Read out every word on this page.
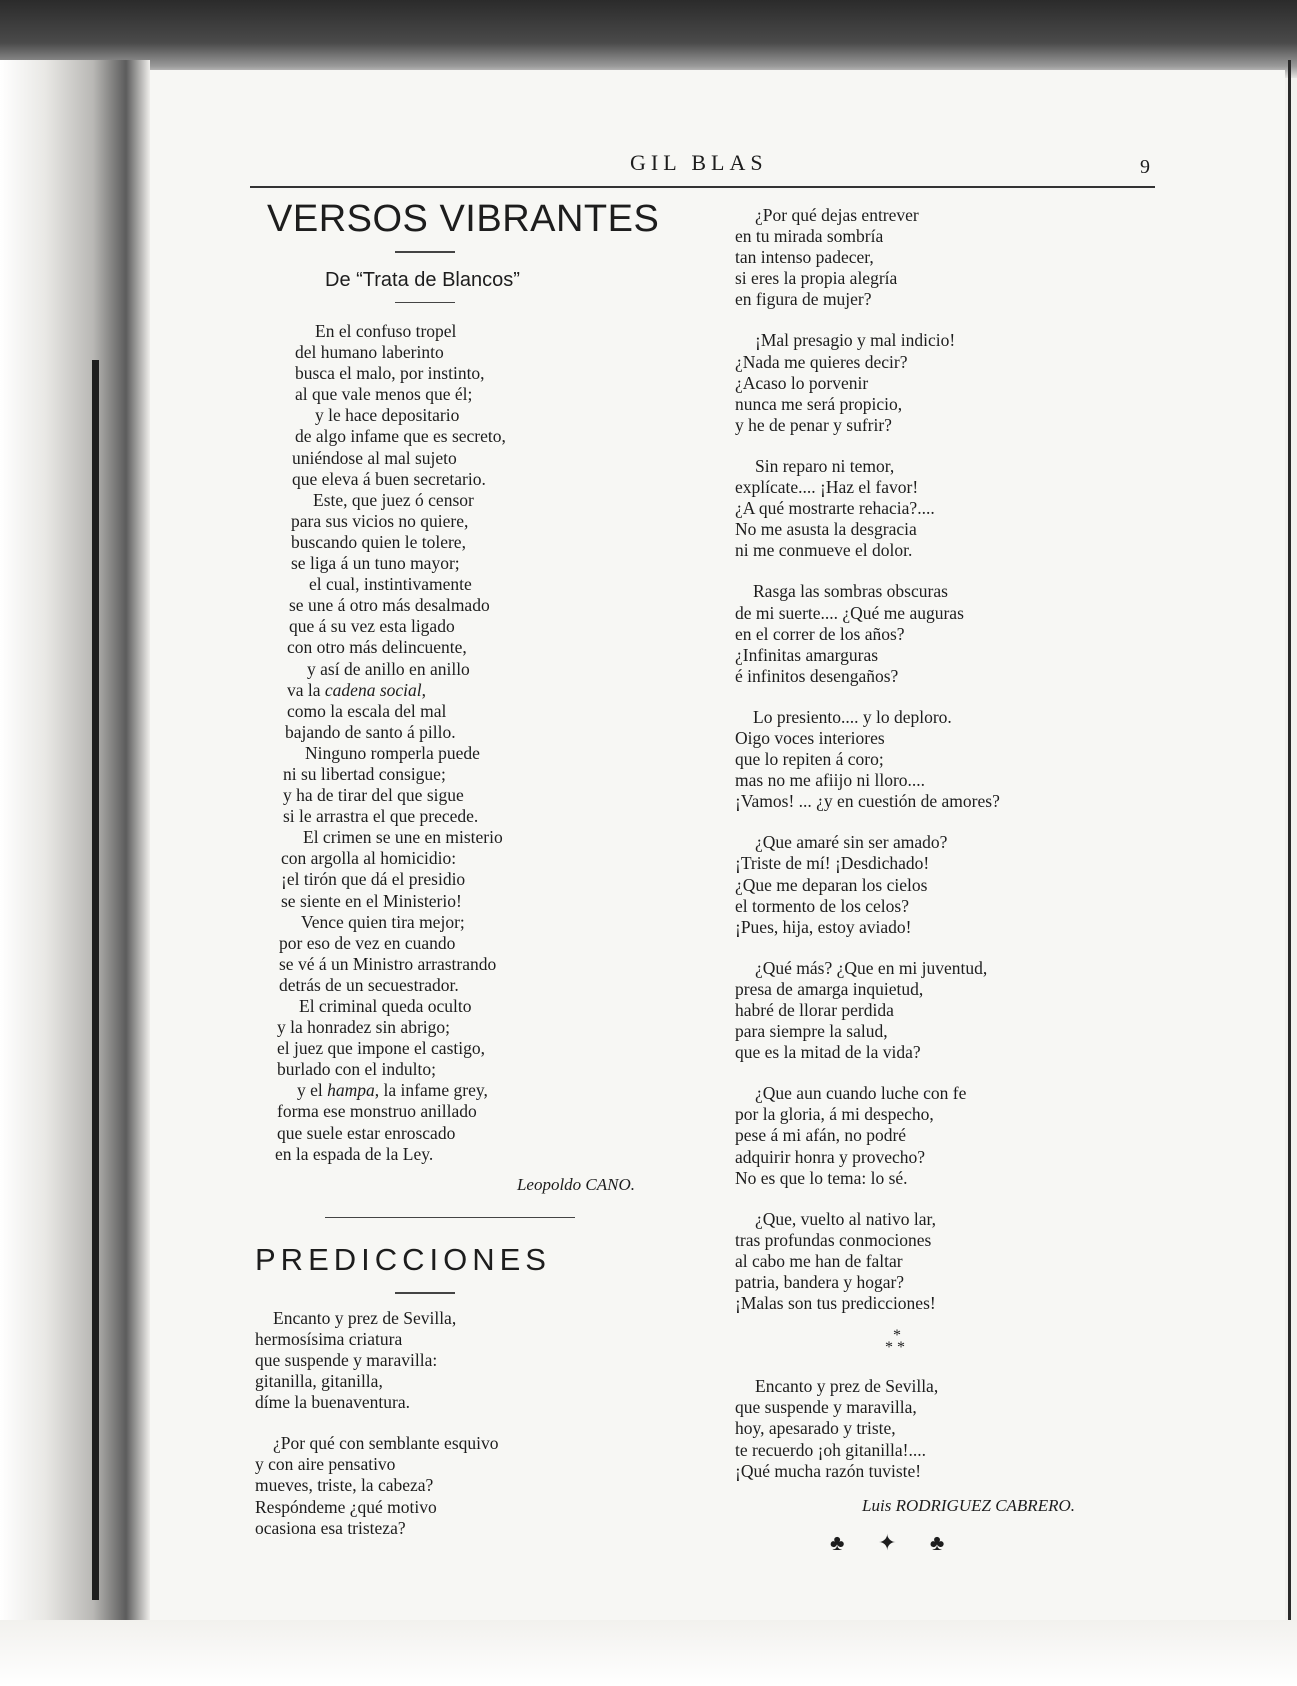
GIL BLAS	9
VERSOS VIBRANTES
De “Trata de Blancos”
En el confuso tropel
del humano laberinto
busca el malo, por instinto,
al que vale menos que él;
y le hace depositario
de algo infame que es secreto,
uniéndose al mal sujeto
que eleva á buen secretario.
Este, que juez ó censor
para sus vicios no quiere,
buscando quien le tolere,
se liga á un tuno mayor;
el cual, instintivamente
se une á otro más desalmado
que á su vez esta ligado
con otro más delincuente,
y así de anillo en anillo
va la cadena social,
como la escala del mal
bajando de santo á pillo.
Ninguno romperla puede
ni su libertad consigue;
y ha de tirar del que sigue
si le arrastra el que precede.
El crimen se une en misterio
con argolla al homicidio:
¡el tirón que dá el presidio
se siente en el Ministerio!
Vence quien tira mejor;
por eso de vez en cuando
se vé á un Ministro arrastrando
detrás de un secuestrador.
El criminal queda oculto
y la honradez sin abrigo;
el juez que impone el castigo,
burlado con el indulto;
y el hampa, la infame grey,
forma ese monstruo anillado
que suele estar enroscado
en la espada de la Ley.
Leopoldo CANO.
PREDICCIONES
Encanto y prez de Sevilla,
hermosísima criatura
que suspende y maravilla:
gitanilla, gitanilla,
díme la buenaventura.
¿Por qué con semblante esquivo
y con aire pensativo
mueves, triste, la cabeza?
Respóndeme ¿qué motivo
ocasiona esa tristeza?
¿Por qué dejas entrever
en tu mirada sombría
tan intenso padecer,
si eres la propia alegría
en figura de mujer?
¡Mal presagio y mal indicio!
¿Nada me quieres decir?
¿Acaso lo porvenir
nunca me será propicio,
y he de penar y sufrir?
Sin reparo ni temor,
explícate.... ¡Haz el favor!
¿A qué mostrarte rehacia?....
No me asusta la desgracia
ni me conmueve el dolor.
Rasga las sombras obscuras
de mi suerte.... ¿Qué me auguras
en el correr de los años?
¿Infinitas amarguras
é infinitos desengaños?
Lo presiento.... y lo deploro.
Oigo voces interiores
que lo repiten á coro;
mas no me afiijo ni lloro....
¡Vamos! ... ¿y en cuestión de amores?
¿Que amaré sin ser amado?
¡Triste de mí! ¡Desdichado!
¿Que me deparan los cielos
el tormento de los celos?
¡Pues, hija, estoy aviado!
¿Qué más? ¿Que en mi juventud,
presa de amarga inquietud,
habré de llorar perdida
para siempre la salud,
que es la mitad de la vida?
¿Que aun cuando luche con fe
por la gloria, á mi despecho,
pese á mi afán, no podré
adquirir honra y provecho?
No es que lo tema: lo sé.
¿Que, vuelto al nativo lar,
tras profundas conmociones
al cabo me han de faltar
patria, bandera y hogar?
¡Malas son tus predicciones!
*
* *
Encanto y prez de Sevilla,
que suspende y maravilla,
hoy, apesarado y triste,
te recuerdo ¡oh gitanilla!....
¡Qué mucha razón tuviste!
Luis RODRIGUEZ CABRERO.
♣ ✦ ♣
